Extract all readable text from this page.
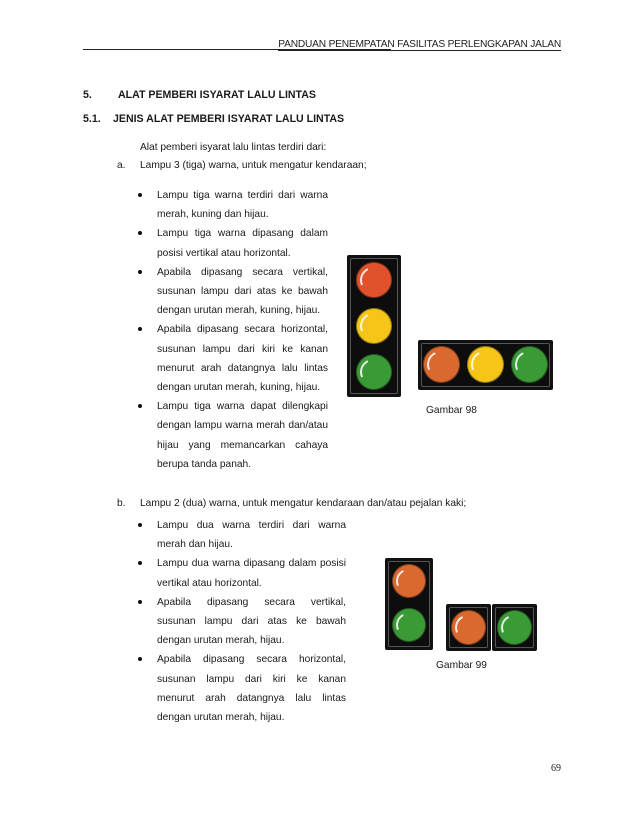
PANDUAN PENEMPATAN FASILITAS PERLENGKAPAN JALAN
5. ALAT PEMBERI ISYARAT LALU LINTAS
5.1. JENIS ALAT PEMBERI ISYARAT LALU LINTAS
Alat pemberi isyarat lalu lintas terdiri dari:
a. Lampu 3 (tiga) warna, untuk mengatur kendaraan;
Lampu tiga warna terdiri dari warna merah, kuning dan hijau.
Lampu tiga warna dipasang dalam posisi vertikal atau horizontal.
Apabila dipasang secara vertikal, susunan lampu dari atas ke bawah dengan urutan merah, kuning, hijau.
Apabila dipasang secara horizontal, susunan lampu dari kiri ke kanan menurut arah datangnya lalu lintas dengan urutan merah, kuning, hijau.
Lampu tiga warna dapat dilengkapi dengan lampu warna merah dan/atau hijau yang memancarkan cahaya berupa tanda panah.
Gambar 98
b. Lampu 2 (dua) warna, untuk mengatur kendaraan dan/atau pejalan kaki;
Lampu dua warna terdiri dari warna merah dan hijau.
Lampu dua warna dipasang dalam posisi vertikal atau horizontal.
Apabila dipasang secara vertikal, susunan lampu dari atas ke bawah dengan urutan merah, hijau.
Apabila dipasang secara horizontal, susunan lampu dari kiri ke kanan menurut arah datangnya lalu lintas dengan urutan merah, hijau.
Gambar 99
69
